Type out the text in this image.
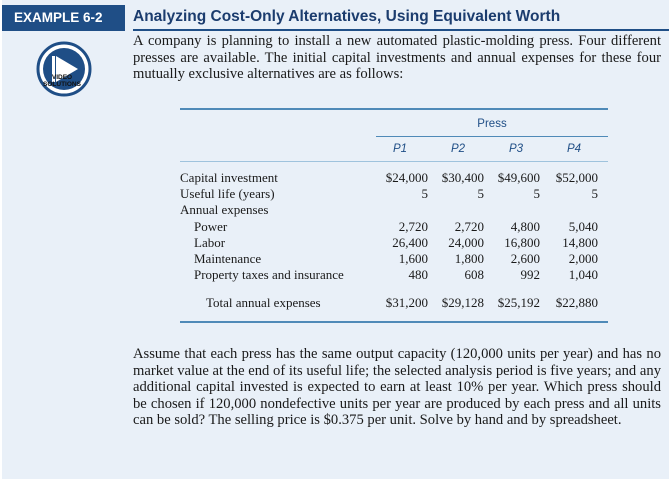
EXAMPLE 6-2	Analyzing Cost-Only Alternatives, Using Equivalent Worth
VIDEO
SOLUTIONS

A company is planning to install a new automated plastic-molding press. Four different presses are available. The initial capital investments and annual expenses for these four mutually exclusive alternatives are as follows:

Press
P1	P2	P3	P4
Capital investment	$24,000	$30,400	$49,600	$52,000
Useful life (years)	5	5	5	5
Annual expenses
Power	2,720	2,720	4,800	5,040
Labor	26,400	24,000	16,800	14,800
Maintenance	1,600	1,800	2,600	2,000
Property taxes and insurance	480	608	992	1,040
Total annual expenses	$31,200	$29,128	$25,192	$22,880

Assume that each press has the same output capacity (120,000 units per year) and has no market value at the end of its useful life; the selected analysis period is five years; and any additional capital invested is expected to earn at least 10% per year. Which press should be chosen if 120,000 nondefective units per year are produced by each press and all units can be sold? The selling price is $0.375 per unit. Solve by hand and by spreadsheet.
